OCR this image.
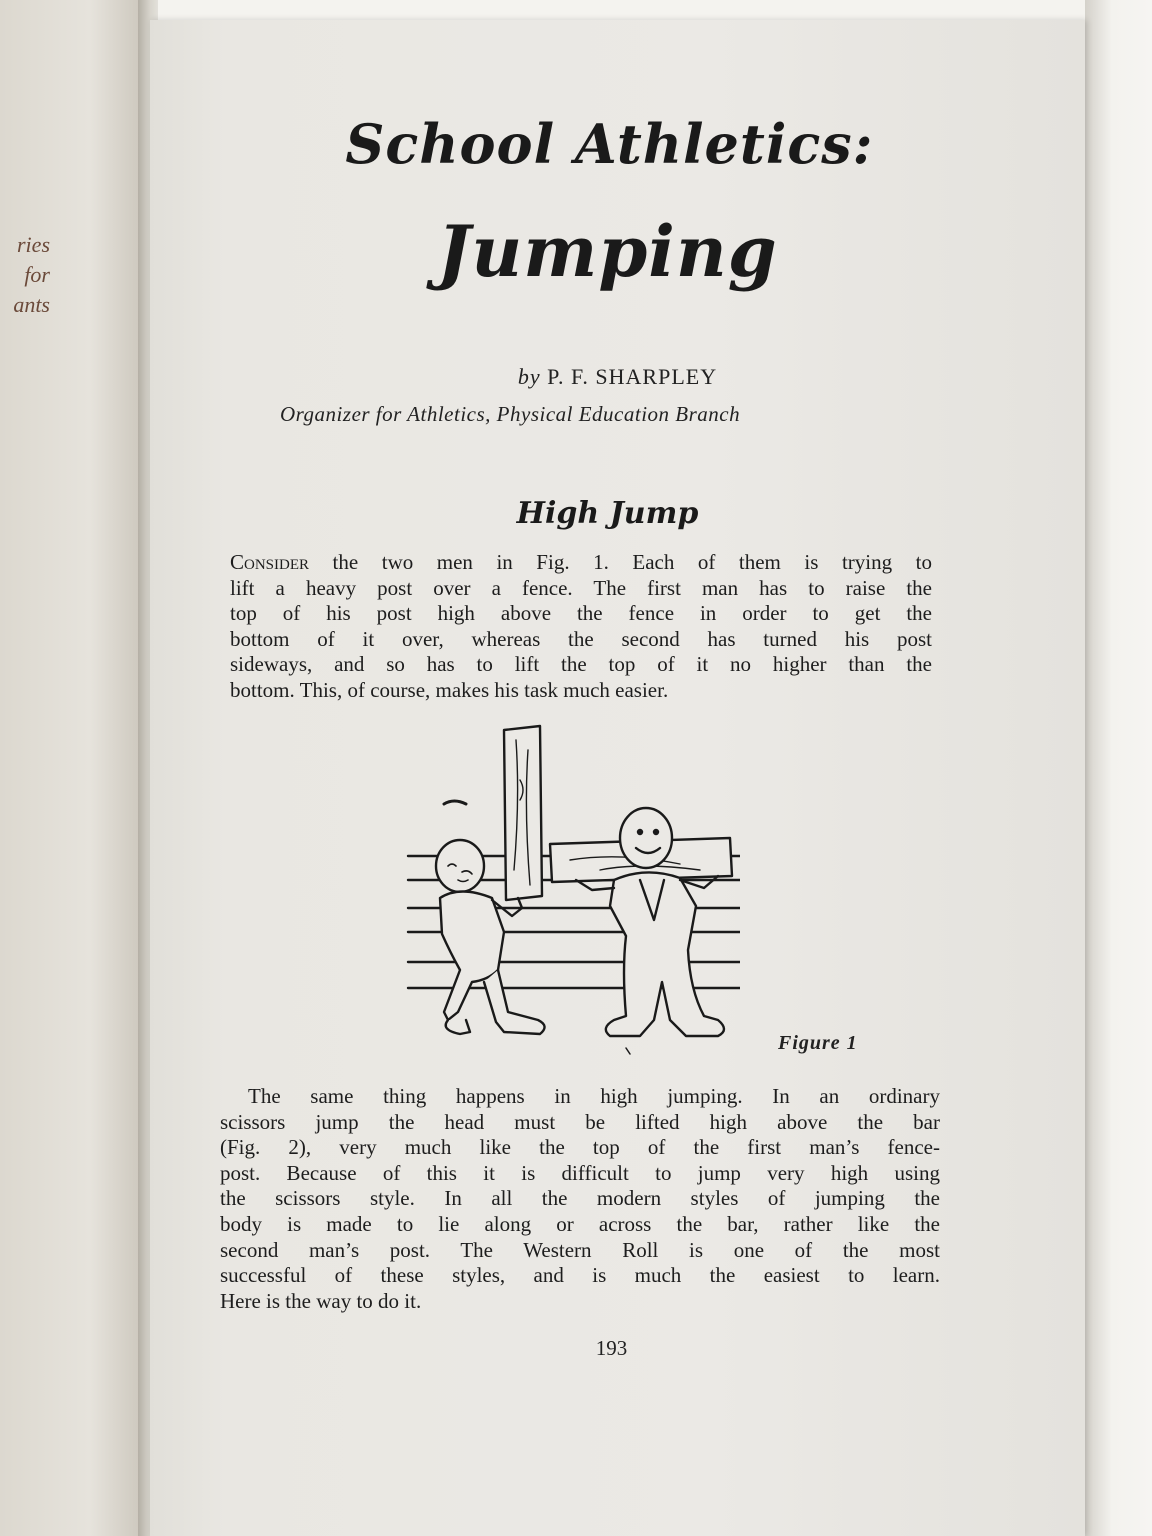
ries
for
ants
School Athletics:
Jumping
by P. F. SHARPLEY
Organizer for Athletics, Physical Education Branch
High Jump
Consider the two men in Fig. 1. Each of them is trying to
lift a heavy post over a fence. The first man has to raise the
top of his post high above the fence in order to get the
bottom of it over, whereas the second has turned his post
sideways, and so has to lift the top of it no higher than the
bottom. This, of course, makes his task much easier.
Figure 1
The same thing happens in high jumping. In an ordinary
scissors jump the head must be lifted high above the bar
(Fig. 2), very much like the top of the first man’s fence-
post. Because of this it is difficult to jump very high using
the scissors style. In all the modern styles of jumping the
body is made to lie along or across the bar, rather like the
second man’s post. The Western Roll is one of the most
successful of these styles, and is much the easiest to learn.
Here is the way to do it.
193
